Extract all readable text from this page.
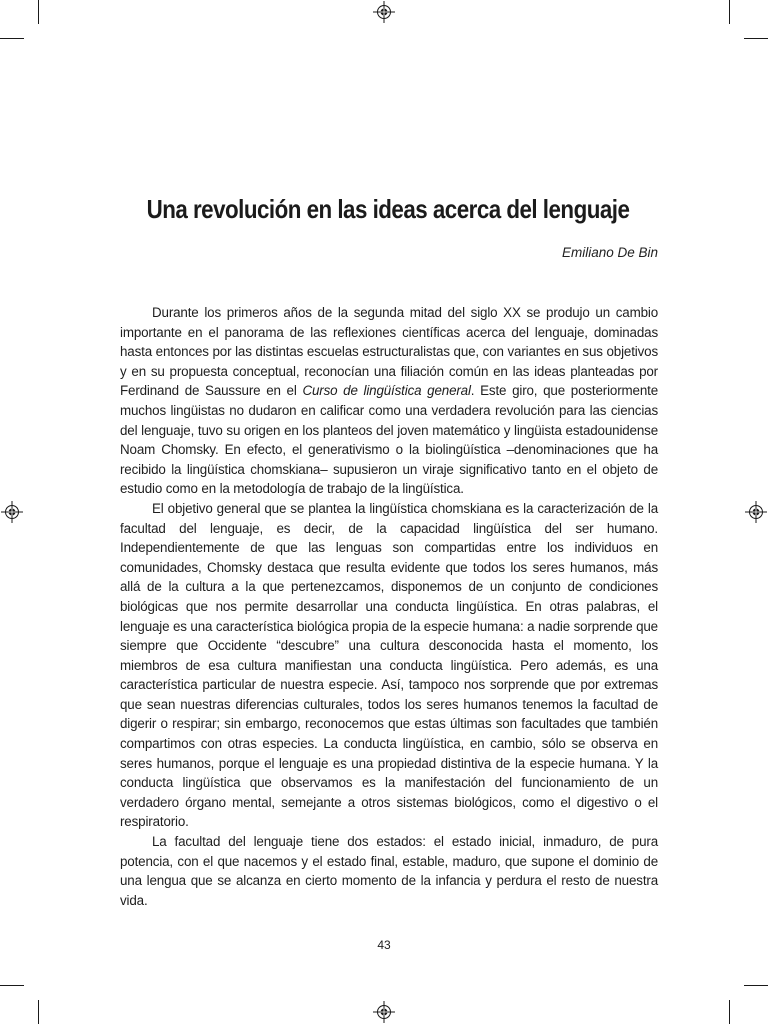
Una revolución en las ideas acerca del lenguaje
Emiliano De Bin

Durante los primeros años de la segunda mitad del siglo XX se produjo un cambio importante en el panorama de las reflexiones científicas acerca del lenguaje, dominadas hasta entonces por las distintas escuelas estructuralistas que, con variantes en sus objetivos y en su propuesta conceptual, reconocían una filiación común en las ideas planteadas por Ferdinand de Saussure en el Curso de lingüística general. Este giro, que posteriormente muchos lingüistas no dudaron en calificar como una verdadera revolución para las ciencias del lenguaje, tuvo su origen en los planteos del joven matemático y lingüista estadounidense Noam Chomsky. En efecto, el generativismo o la biolingüística –denominaciones que ha recibido la lingüística chomskiana– supusieron un viraje significativo tanto en el objeto de estudio como en la metodología de trabajo de la lingüística.

El objetivo general que se plantea la lingüística chomskiana es la caracterización de la facultad del lenguaje, es decir, de la capacidad lingüística del ser humano. Independientemente de que las lenguas son compartidas entre los individuos en comunidades, Chomsky destaca que resulta evidente que todos los seres humanos, más allá de la cultura a la que pertenezcamos, disponemos de un conjunto de condiciones biológicas que nos permite desarrollar una conducta lingüística. En otras palabras, el lenguaje es una característica biológica propia de la especie humana: a nadie sorprende que siempre que Occidente “descubre” una cultura desconocida hasta el momento, los miembros de esa cultura manifiestan una conducta lingüística. Pero además, es una característica particular de nuestra especie. Así, tampoco nos sorprende que por extremas que sean nuestras diferencias culturales, todos los seres humanos tenemos la facultad de digerir o respirar; sin embargo, reconocemos que estas últimas son facultades que también compartimos con otras especies. La conducta lingüística, en cambio, sólo se observa en seres humanos, porque el lenguaje es una propiedad distintiva de la especie humana. Y la conducta lingüística que observamos es la manifestación del funcionamiento de un verdadero órgano mental, semejante a otros sistemas biológicos, como el digestivo o el respiratorio.

La facultad del lenguaje tiene dos estados: el estado inicial, inmaduro, de pura potencia, con el que nacemos y el estado final, estable, maduro, que supone el dominio de una lengua que se alcanza en cierto momento de la infancia y perdura el resto de nuestra vida.

43
